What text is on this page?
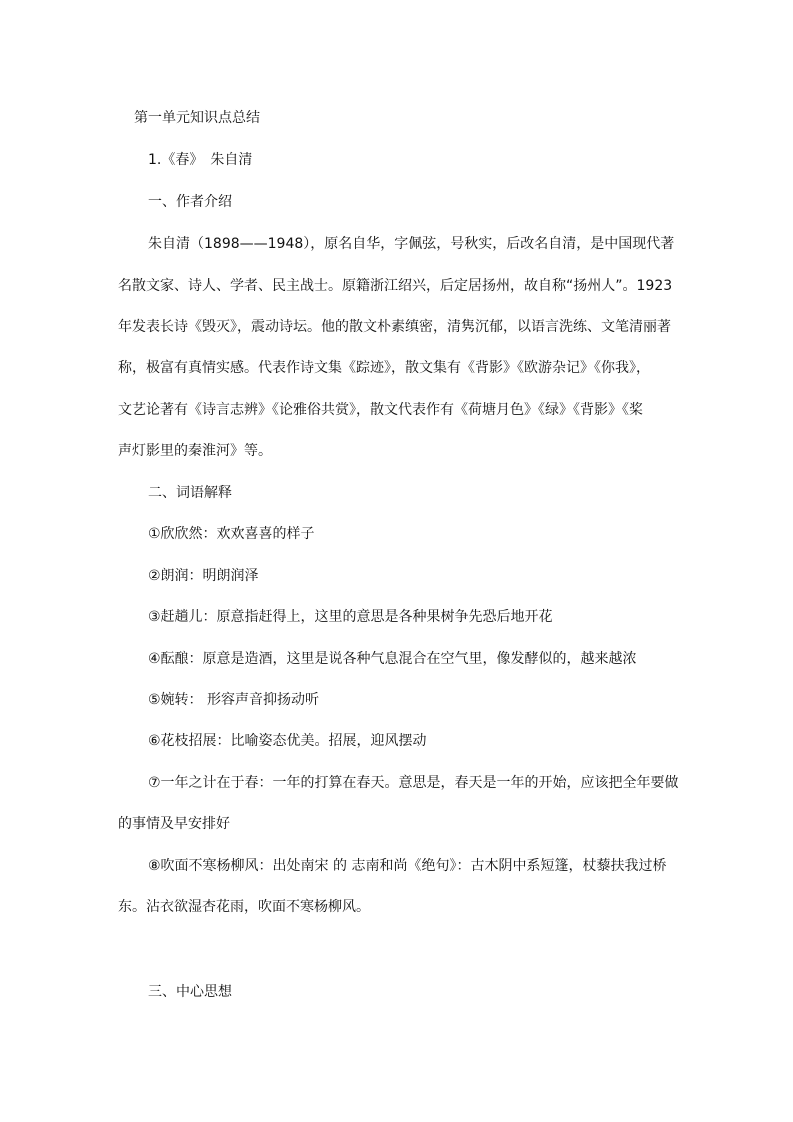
第一单元知识点总结
1.《春》　朱自清
一、作者介绍
朱自清（1898——1948），原名自华，字佩弦，号秋实，后改名自清，是中国现代著
名散文家、诗人、学者、民主战士。原籍浙江绍兴，后定居扬州，故自称“扬州人”。1923
年发表长诗《毁灭》，震动诗坛。他的散文朴素缜密，清隽沉郁，以语言洗练、文笔清丽著
称，极富有真情实感。代表作诗文集《踪迹》，散文集有《背影》《欧游杂记》《你我》，
文艺论著有《诗言志辨》《论雅俗共赏》，散文代表作有《荷塘月色》《绿》《背影》《桨
声灯影里的秦淮河》等。
二、词语解释
①欣欣然：欢欢喜喜的样子
②朗润：明朗润泽
③赶趟儿：原意指赶得上，这里的意思是各种果树争先恐后地开花
④酝酿：原意是造酒，这里是说各种气息混合在空气里，像发酵似的，越来越浓
⑤婉转： 形容声音抑扬动听
⑥花枝招展：比喻姿态优美。招展，迎风摆动
⑦一年之计在于春：一年的打算在春天。意思是，春天是一年的开始，应该把全年要做
的事情及早安排好
⑧吹面不寒杨柳风：出处南宋 的 志南和尚《绝句》：古木阴中系短篷，杖藜扶我过桥
东。沾衣欲湿杏花雨，吹面不寒杨柳风。
三、中心思想
